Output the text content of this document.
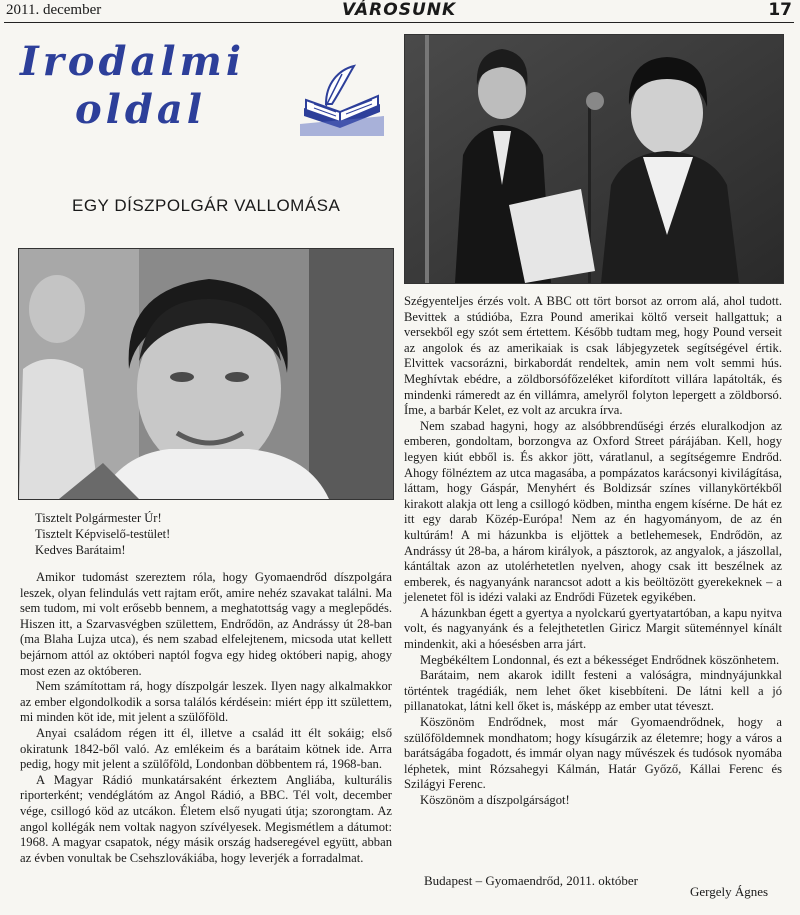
2011. december	VÁROSUNK	17
Irodalmi
oldal
EGY DÍSZPOLGÁR VALLOMÁSA
Tisztelt Polgármester Úr!
Tisztelt Képviselő-testület!
Kedves Barátaim!

Amikor tudomást szereztem róla, hogy Gyomaendrőd díszpolgára leszek, olyan felindulás vett rajtam erőt, amire nehéz szavakat találni. Ma sem tudom, mi volt erősebb bennem, a meghatottság vagy a meglepődés. Hiszen itt, a Szarvasvégben születtem, Endrődön, az Andrássy út 28-ban (ma Blaha Lujza utca), és nem szabad elfelejtenem, micsoda utat kellett bejárnom attól az októberi naptól fogva egy hideg októberi napig, ahogy most ezen az októberen.

Nem számítottam rá, hogy díszpolgár leszek. Ilyen nagy alkalmakkor az ember elgondolkodik a sorsa találós kérdésein: miért épp itt születtem, mi minden köt ide, mit jelent a szülőföld.

Anyai családom régen itt él, illetve a család itt élt sokáig; első okiratunk 1842-ből való. Az emlékeim és a barátaim kötnek ide. Arra pedig, hogy mit jelent a szülőföld, Londonban döbbentem rá, 1968-ban.

A Magyar Rádió munkatársaként érkeztem Angliába, kulturális riporterként; vendéglátóm az Angol Rádió, a BBC. Tél volt, december vége, csillogó köd az utcákon. Életem első nyugati útja; szorongtam. Az angol kollégák nem voltak nagyon szívélyesek. Megismétlem a dátumot: 1968. A magyar csapatok, négy másik ország hadseregével együtt, abban az évben vonultak be Csehszlovákiába, hogy leverjék a forradalmat.

Szégyenteljes érzés volt. A BBC ott tört borsot az orrom alá, ahol tudott. Bevittek a stúdióba, Ezra Pound amerikai költő verseit hallgattuk; a versekből egy szót sem értettem. Később tudtam meg, hogy Pound verseit az angolok és az amerikaiak is csak lábjegyzetek segítségével értik. Elvittek vacsorázni, birkabordát rendeltek, amin nem volt semmi hús. Meghívtak ebédre, a zöldborsófőzeléket kifordított villára lapátolták, és mindenki rámeredt az én villámra, amelyről folyton lepergett a zöldborsó. Íme, a barbár Kelet, ez volt az arcukra írva.

Nem szabad hagyni, hogy az alsóbbrendűségi érzés eluralkodjon az emberen, gondoltam, borzongva az Oxford Street párájában. Kell, hogy legyen kiút ebből is. És akkor jött, váratlanul, a segítségemre Endrőd. Ahogy fölnéztem az utca magasába, a pompázatos karácsonyi kivilágítása, láttam, hogy Gáspár, Menyhért és Boldizsár színes villanykörtékből kirakott alakja ott leng a csillogó ködben, mintha engem kísérne. De hát ez itt egy darab Közép-Európa! Nem az én hagyományom, de az én kultúrám! A mi házunkba is eljöttek a betlehemesek, Endrődön, az Andrássy út 28-ba, a három királyok, a pásztorok, az angyalok, a jászollal, kántáltak azon az utolérhetetlen nyelven, ahogy csak itt beszélnek az emberek, és nagyanyánk narancsot adott a kis beöltözött gyerekeknek – a jelenetet föl is idézi valaki az Endrődi Füzetek egyikében.

A házunkban égett a gyertya a nyolckarú gyertyatartóban, a kapu nyitva volt, és nagyanyánk és a felejthetetlen Giricz Margit süteménnyel kínált mindenkit, aki a hóesésben arra járt.

Megbékéltem Londonnal, és ezt a békességet Endrődnek köszönhetem.

Barátaim, nem akarok idillt festeni a valóságra, mindnyájunkkal történtek tragédiák, nem lehet őket kisebbíteni. De látni kell a jó pillanatokat, látni kell őket is, másképp az ember utat téveszt.

Köszönöm Endrődnek, most már Gyomaendrődnek, hogy a szülőföldemnek mondhatom; hogy kísugárzik az életemre; hogy a város a barátságába fogadott, és immár olyan nagy művészek és tudósok nyomába léphetek, mint Rózsahegyi Kálmán, Határ Győző, Kállai Ferenc és Szilágyi Ferenc.

Köszönöm a díszpolgárságot!

Budapest – Gyomaendrőd, 2011. október
Gergely Ágnes
